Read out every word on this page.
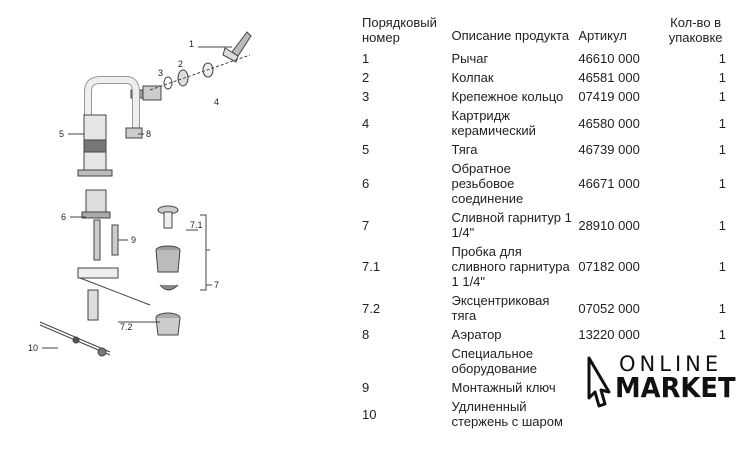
1
2
3
4
5	8
6
7.1
9
7
7.2
10
Порядковый номер	Описание продукта	Артикул	Кол-во в упаковке
1	Рычаг	46610 000	1
2	Колпак	46581 000	1
3	Крепежное кольцо	07419 000	1
4	Картридж керамический	46580 000	1
5	Тяга	46739 000	1
6	Обратное резьбовое соединение	46671 000	1
7	Сливной гарнитур 1 1/4"	28910 000	1
7.1	Пробка для сливного гарнитура 1 1/4"	07182 000	1
7.2	Эксцентриковая тяга	07052 000	1
8	Аэратор	13220 000	1
	Специальное оборудование		
9	Монтажный ключ		
10	Удлиненный стержень с шаром		
ONLINE
MARKET
